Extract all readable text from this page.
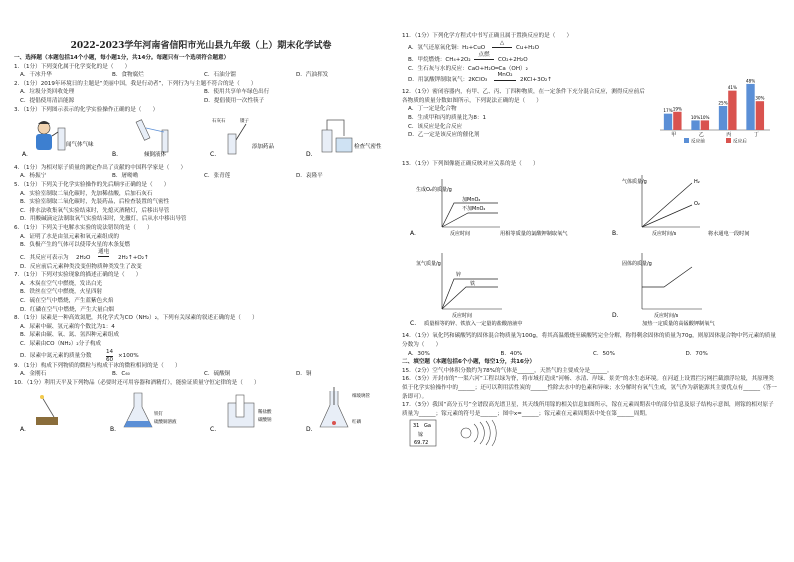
2022-2023学年河南省信阳市光山县九年级（上）期末化学试卷
一、选择题（本题包括14个小题，每小题1分，共14分。每题只有一个选项符合题意）
1．（1分）下列变化属于化学变化的是（　　）
A．干冰升华	B．食物腐烂	C．石油分馏	D．汽油挥发
2．（1分）2019年环境日的主题是“美丽中国，我是行动者”，下列行为与主题不符合的是（　　）
A．垃圾分类回收处理	B．使用共享单车绿色出行
C．提倡使用清洁能源	D．提倡使用一次性筷子
3．（1分）下列图示表示的化学实验操作正确的是（　　）
A.
闻气体气味
B.	倾倒液体
石灰石	镊子
C.
添加药品
D.
检查气密性
4．（1分）为相对原子质量的测定作出了贡献的中国科学家是（　　）
A．杨振宁	B．屠呦呦	C．张青莲	D．袁隆平
5．（1分）下列关于化学实验操作的先后顺序正确的是（　　）
A．实验室制取二氧化碳时，先加稀盐酸，后加石灰石
B．实验室制取二氧化碳时，先装药品，后检查装置的气密性
C．排水法收集氧气实验结束时，先熄灭酒精灯，后移出导管
D．用酸碱滴定法制取氧气实验结束时，先撤灯，后从水中移出导管
6．（1分）下列关于电解水实验的说法错误的是（　　）
A．证明了水是由氢元素和氧元素组成的
B．负极产生的气体可以使带火星的木条复燃
C．其反应可表示为 2H₂O
通电
2H₂↑+O₂↑
D．反应前后元素种类没变但物质种类发生了改变
7．（1分）下列对实验现象的描述正确的是（　　）
A．木炭在空气中燃烧，发出白光
B．铁丝在空气中燃烧，火星四射
C．硫在空气中燃烧，产生蓝紫色火焰
D．红磷在空气中燃烧，产生大量白烟
8．（1分）尿素是一种高效氮肥，其化学式为CO（NH₂）₂，下列有关尿素的叙述正确的是（　　）
A．尿素中碳、氢元素的个数比为1：4
B．尿素由碳、氧、氮、氢四种元素组成
C．尿素由CO（NH₂）₂分子构成
D．尿素中氮元素的质量分数
14
60
×100%
9．（1分）构成下列物质的微粒与构成干冰的微粒相同的是（　　）
A．金刚石	B．C₆₀	C．硫酸铜	D．铜
10．（1分）利用天平及下列物品（必要时还可用容器和酒精灯），能验证质量守恒定律的是（　　）
A.	B.
铁钉
硫酸铜溶液
C.
稀盐酸
碳酸钠
D.
细玻璃管
红磷
11．（1分）下列化学方程式中书写正确且属于置换反应的是（　　）
A．氢气还原氧化铜：H₂+CuO
△
Cu+H₂O
B．甲烷燃烧：CH₄+2O₂
点燃
CO₂+2H₂O
C．生石灰与水的反应：CaO+H₂O═Ca（OH）₂
D．用氯酸钾制取氧气：2KClO₃
MnO₂
2KCl+3O₂↑
12．（1分）密闭容器内，有甲、乙、丙、丁四种物质，在一定条件下充分混合反应，测得反应前后各物质的质量分数如图所示，下列说法正确的是（　　）
A．丁一定是化合物
B．生成甲和丙的质量比为8：1
C．该反应是化合反应
D．乙一定是该反应的催化剂
17% 19%
甲
10% 10%
乙
25%
41%
丙
48%
30%
丁
反应前	反应后
13．（1分）下列图像能正确反映对应关系的是（　　）
加MnO₂
不加MnO₂
生成O₂的质量/g
反应时间
A.	用相等质量的氯酸钾制取氧气
H₂
O₂
气体质量/g
反应时间/s
B.	将水通电一段时间
锌
铁
氢气质量/g
反应时间
C. 质量相等的锌、铁放入一定量的盐酸溶液中
固体的质量/g
反应时间/s
D.
加热一定质量的高锰酸钾制氧气
14．（1分）氧化钙和碳酸钙的固体混合物质量为100g，将其高温煅烧至碳酸钙完全分解，称得剩余固体的质量为70g，则原固体混合物中钙元素的质量分数为（　　）
A．30%	B．40%	C．50%	D．70%
二、填空题（本题包括6个小题，每空1分，共16分）
15．（2分）空气中体积分数约为78%的气体是______，天然气的主要成分是______。
16．（3分）开封市的“一渠六河”工程以绿为脊，将市域打造成“河畅、水清、岸绿、景美”的水生态环境。在河道上设置拦污网拦截漂浮垃圾，其原理类似于化学实验操作中的______；还可以利用活性炭的______性除去水中的色素和异味；水分解时有氧气生成，氢气作为新能源其主要优点有______（答一条即可）。
17．（3分）我国“高分五号”全谱段高光谱卫星，其天线所用镓的相关信息如图所示，镓在元素周期表中的部分信息及原子结构示意图，则镓的相对原子质量为______；镓元素的符号是______；图中x=______；镓元素在元素周期表中处在第______周期。
31 Ga
镓
69.72
